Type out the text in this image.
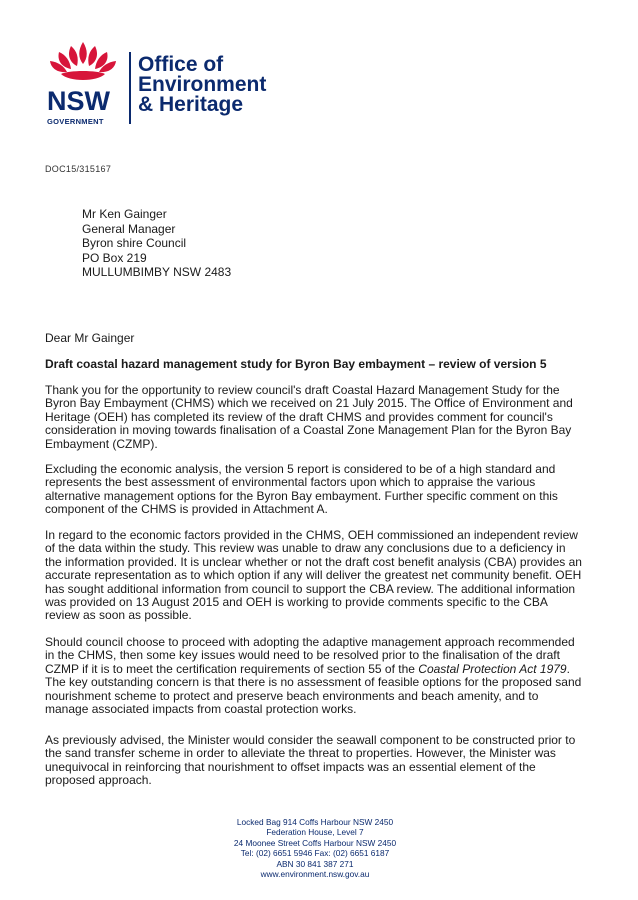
NSW
GOVERNMENT
Office of
Environment
& Heritage
DOC15/315167
Mr Ken Gainger
General Manager
Byron shire Council
PO Box 219
MULLUMBIMBY NSW 2483
Dear Mr Gainger
Draft coastal hazard management study for Byron Bay embayment – review of version 5
Thank you for the opportunity to review council's draft Coastal Hazard Management Study for the
Byron Bay Embayment (CHMS) which we received on 21 July 2015. The Office of Environment and
Heritage (OEH) has completed its review of the draft CHMS and provides comment for council's
consideration in moving towards finalisation of a Coastal Zone Management Plan for the Byron Bay
Embayment (CZMP).
Excluding the economic analysis, the version 5 report is considered to be of a high standard and
represents the best assessment of environmental factors upon which to appraise the various
alternative management options for the Byron Bay embayment. Further specific comment on this
component of the CHMS is provided in Attachment A.
In regard to the economic factors provided in the CHMS, OEH commissioned an independent review
of the data within the study. This review was unable to draw any conclusions due to a deficiency in
the information provided. It is unclear whether or not the draft cost benefit analysis (CBA) provides an
accurate representation as to which option if any will deliver the greatest net community benefit. OEH
has sought additional information from council to support the CBA review. The additional information
was provided on 13 August 2015 and OEH is working to provide comments specific to the CBA
review as soon as possible.
Should council choose to proceed with adopting the adaptive management approach recommended
in the CHMS, then some key issues would need to be resolved prior to the finalisation of the draft
CZMP if it is to meet the certification requirements of section 55 of the Coastal Protection Act 1979.
The key outstanding concern is that there is no assessment of feasible options for the proposed sand
nourishment scheme to protect and preserve beach environments and beach amenity, and to
manage associated impacts from coastal protection works.
As previously advised, the Minister would consider the seawall component to be constructed prior to
the sand transfer scheme in order to alleviate the threat to properties. However, the Minister was
unequivocal in reinforcing that nourishment to offset impacts was an essential element of the
proposed approach.
Locked Bag 914 Coffs Harbour NSW 2450
Federation House, Level 7
24 Moonee Street Coffs Harbour NSW 2450
Tel: (02) 6651 5946 Fax: (02) 6651 6187
ABN 30 841 387 271
www.environment.nsw.gov.au
